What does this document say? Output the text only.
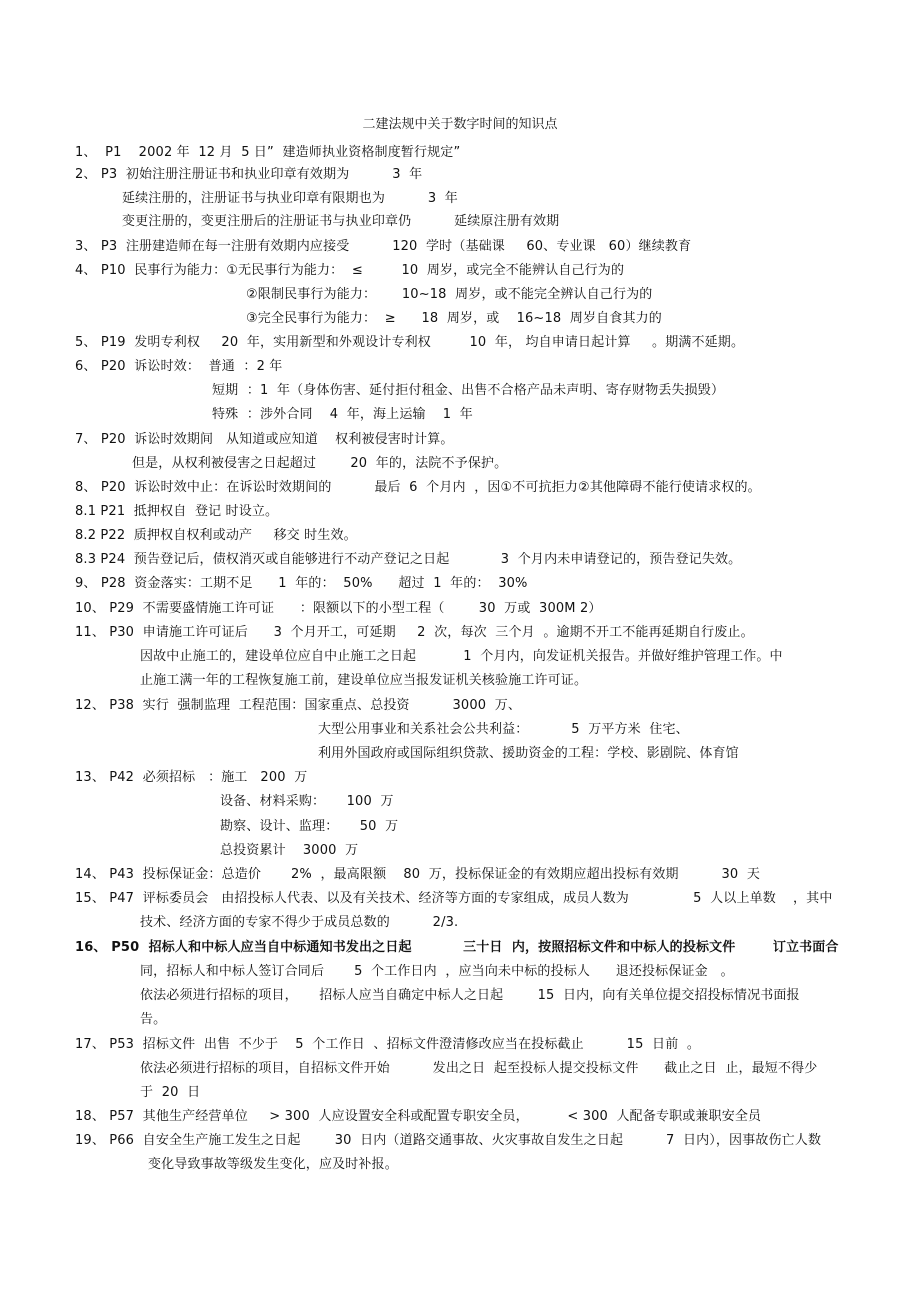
二建法规中关于数字时间的知识点
1、  P1    2002 年  12 月  5 日”  建造师执业资格制度暂行规定”
2、 P3  初始注册注册证书和执业印章有效期为          3  年
延续注册的，注册证书与执业印章有限期也为          3  年
变更注册的，变更注册后的注册证书与执业印章仍          延续原注册有效期
3、 P3  注册建造师在每一注册有效期内应接受          120  学时（基础课     60、专业课   60）继续教育
4、 P10  民事行为能力：①无民事行为能力：  ≤         10  周岁，或完全不能辨认自己行为的
②限制民事行为能力：      10~18  周岁，或不能完全辨认自己行为的
③完全民事行为能力：  ≥      18  周岁，或    16~18  周岁自食其力的
5、 P19  发明专利权     20  年，实用新型和外观设计专利权         10  年， 均自申请日起计算     。期满不延期。
6、 P20  诉讼时效：  普通  ：2 年
短期  ：1  年（身体伤害、延付拒付租金、出售不合格产品未声明、寄存财物丢失损毁）
特殊  ：涉外合同    4  年，海上运输    1  年
7、 P20  诉讼时效期间   从知道或应知道    权利被侵害时计算。
但是，从权利被侵害之日起超过        20  年的，法院不予保护。
8、 P20  诉讼时效中止：在诉讼时效期间的          最后  6  个月内  ，因①不可抗拒力②其他障碍不能行使请求权的。
8.1 P21  抵押权自  登记 时设立。
8.2 P22  质押权自权利或动产     移交 时生效。
8.3 P24  预告登记后，债权消灭或自能够进行不动产登记之日起            3  个月内未申请登记的，预告登记失效。
9、 P28  资金落实：工期不足      1  年的：  50%      超过  1  年的：  30%
10、 P29  不需要盛情施工许可证      ：限额以下的小型工程（        30  万或  300M 2）
11、 P30  申请施工许可证后      3  个月开工，可延期     2  次，每次  三个月  。逾期不开工不能再延期自行废止。
因故中止施工的，建设单位应自中止施工之日起           1  个月内，向发证机关报告。并做好维护管理工作。中
止施工满一年的工程恢复施工前，建设单位应当报发证机关核验施工许可证。
12、 P38  实行  强制监理  工程范围：国家重点、总投资          3000  万、
大型公用事业和关系社会公共利益：          5  万平方米  住宅、
利用外国政府或国际组织贷款、援助资金的工程：学校、影剧院、体育馆
13、 P42  必须招标   ：施工   200  万
设备、材料采购：     100  万
勘察、设计、监理：     50  万
总投资累计    3000  万
14、 P43  投标保证金：总造价       2%  ，最高限额    80  万，投标保证金的有效期应超出投标有效期          30  天
15、 P47  评标委员会   由招投标人代表、以及有关技术、经济等方面的专家组成，成员人数为               5  人以上单数    ，其中
技术、经济方面的专家不得少于成员总数的          2/3.
16、 P50  招标人和中标人应当自中标通知书发出之日起           三十日  内，按照招标文件和中标人的投标文件        订立书面合
同，招标人和中标人签订合同后       5  个工作日内  ，应当向未中标的投标人      退还投标保证金   。
依法必须进行招标的项目，     招标人应当自确定中标人之日起        15  日内，向有关单位提交招投标情况书面报
告。
17、 P53  招标文件  出售  不少于    5  个工作日  、招标文件澄清修改应当在投标截止          15  日前  。
依法必须进行招标的项目，自招标文件开始          发出之日  起至投标人提交投标文件      截止之日  止，最短不得少
于  20  日
18、 P57  其他生产经营单位     > 300  人应设置安全科或配置专职安全员，         < 300  人配备专职或兼职安全员
19、 P66  自安全生产施工发生之日起        30  日内（道路交通事故、火灾事故自发生之日起          7  日内），因事故伤亡人数
变化导致事故等级发生变化，应及时补报。
